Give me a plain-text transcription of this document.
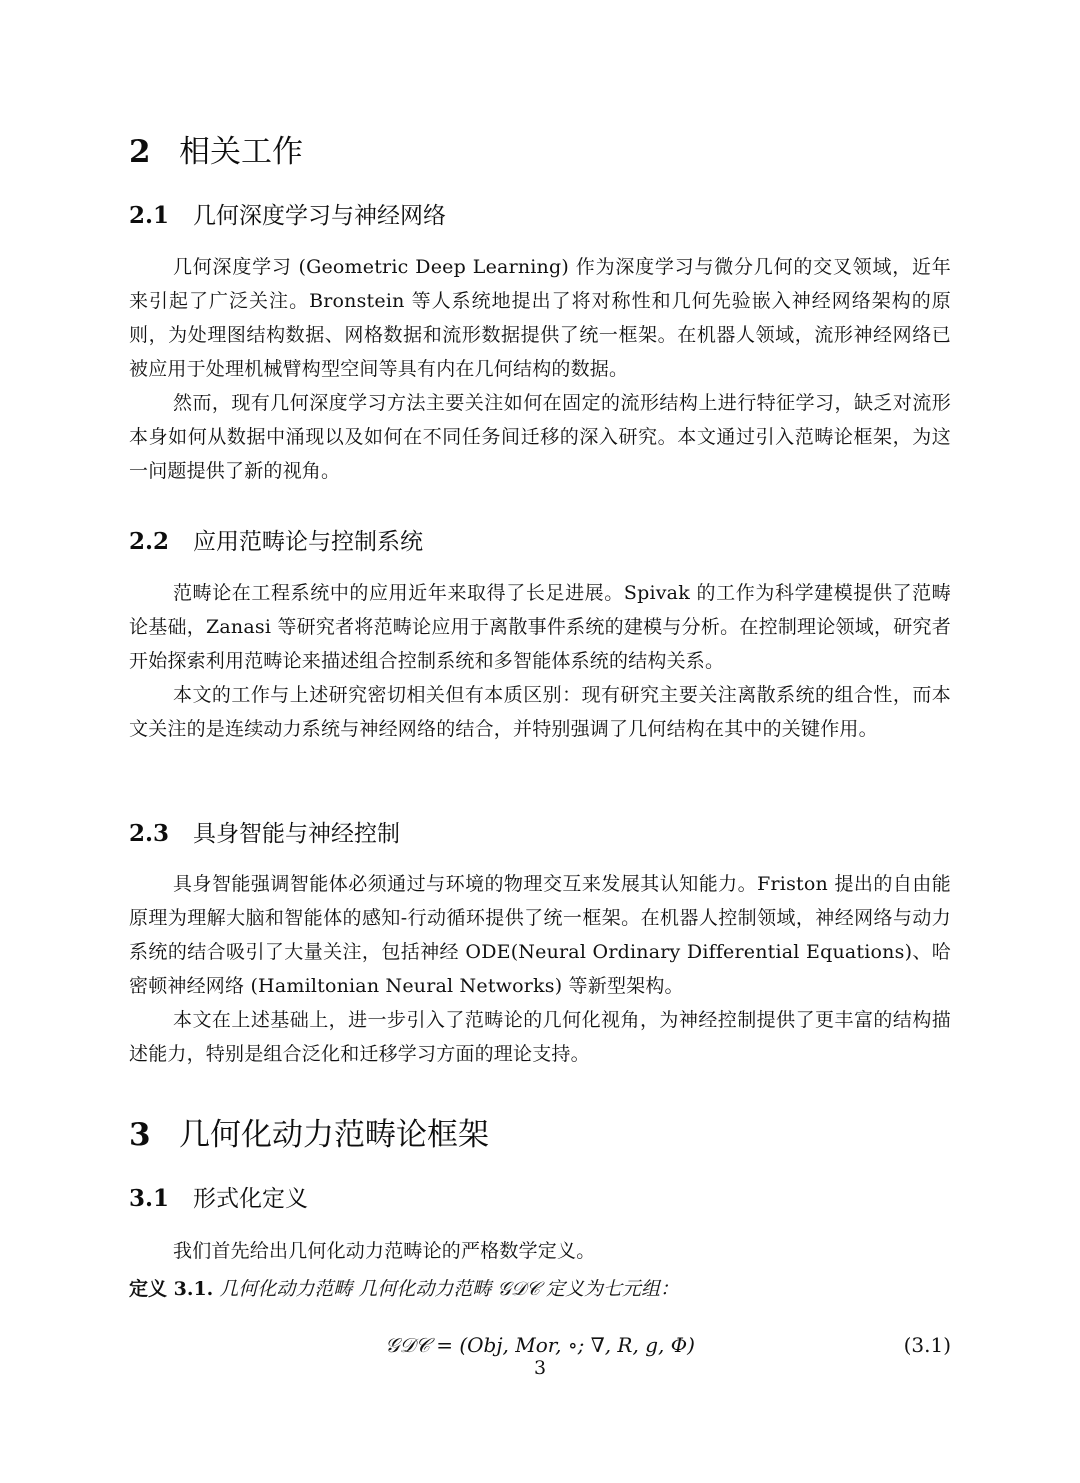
2 相关工作
2.1 几何深度学习与神经网络

几何深度学习 (Geometric Deep Learning) 作为深度学习与微分几何的交叉领域，近年来引起了广泛关注。Bronstein 等人系统地提出了将对称性和几何先验嵌入神经网络架构的原则，为处理图结构数据、网格数据和流形数据提供了统一框架。在机器人领域，流形神经网络已被应用于处理机械臂构型空间等具有内在几何结构的数据。

然而，现有几何深度学习方法主要关注如何在固定的流形结构上进行特征学习，缺乏对流形本身如何从数据中涌现以及如何在不同任务间迁移的深入研究。本文通过引入范畴论框架，为这一问题提供了新的视角。

2.2 应用范畴论与控制系统

范畴论在工程系统中的应用近年来取得了长足进展。Spivak 的工作为科学建模提供了范畴论基础，Zanasi 等研究者将范畴论应用于离散事件系统的建模与分析。在控制理论领域，研究者开始探索利用范畴论来描述组合控制系统和多智能体系统的结构关系。

本文的工作与上述研究密切相关但有本质区别：现有研究主要关注离散系统的组合性，而本文关注的是连续动力系统与神经网络的结合，并特别强调了几何结构在其中的关键作用。

2.3 具身智能与神经控制

具身智能强调智能体必须通过与环境的物理交互来发展其认知能力。Friston 提出的自由能原理为理解大脑和智能体的感知-行动循环提供了统一框架。在机器人控制领域，神经网络与动力系统的结合吸引了大量关注，包括神经 ODE(Neural Ordinary Differential Equations)、哈密顿神经网络 (Hamiltonian Neural Networks) 等新型架构。

本文在上述基础上，进一步引入了范畴论的几何化视角，为神经控制提供了更丰富的结构描述能力，特别是组合泛化和迁移学习方面的理论支持。

3 几何化动力范畴论框架
3.1 形式化定义

我们首先给出几何化动力范畴论的严格数学定义。

定义 3.1. 几何化动力范畴 几何化动力范畴 𝒢𝒟𝒞 定义为七元组：
𝒢𝒟𝒞 = (Obj, Mor, ∘; ∇, R, g, Φ)	(3.1)
3
